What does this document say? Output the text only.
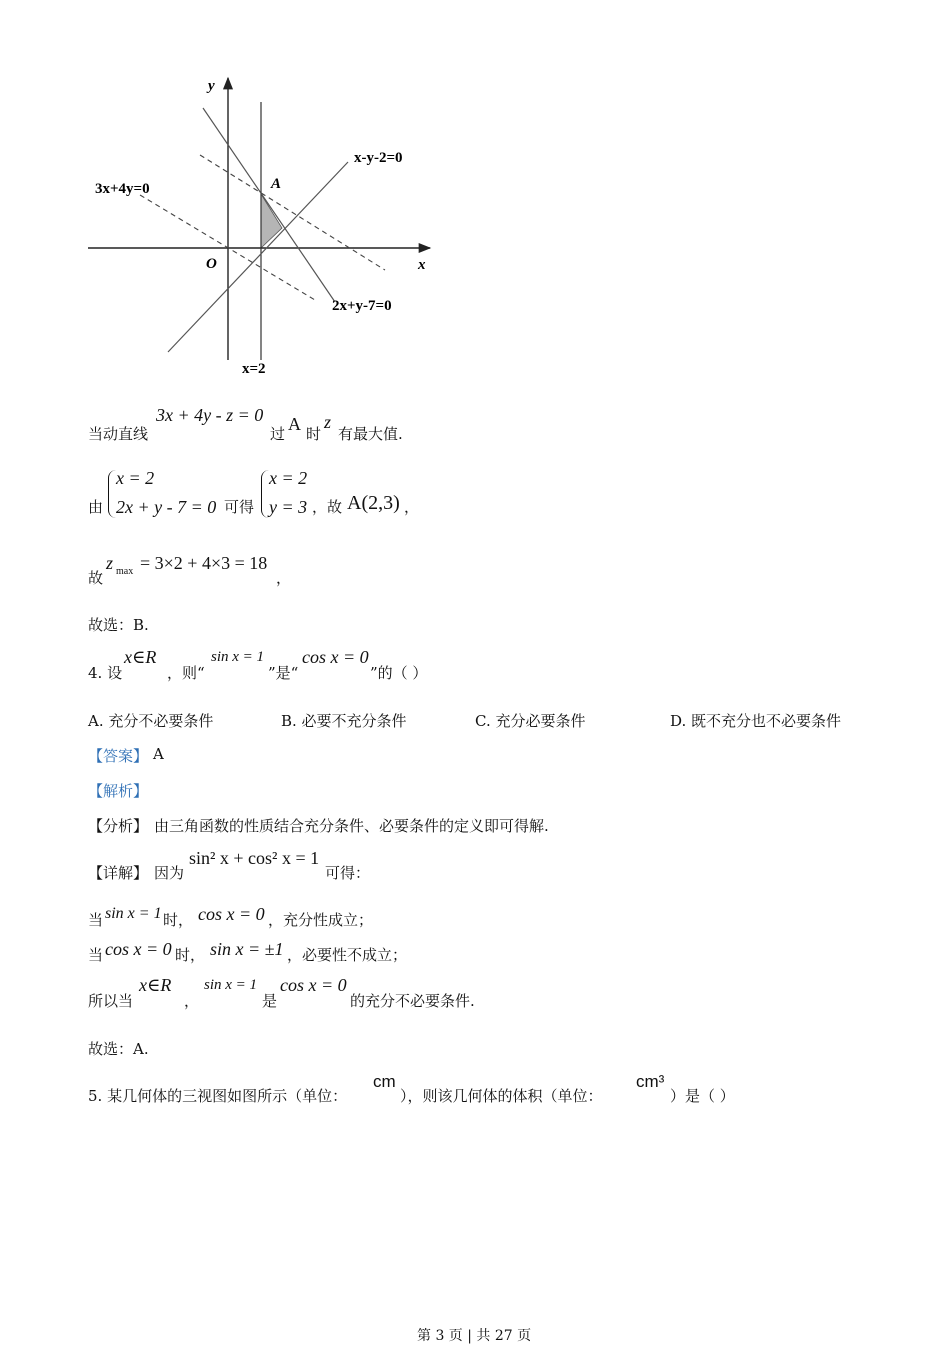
y
x
O
A
x-y-2=0
3x+4y=0
2x+y-7=0
x=2
当动直线
3x + 4y - z = 0
过 A 时
z
有最大值.
由
x = 2
2x + y - 7 = 0 可得
x = 2
y = 3 ，故 A(2,3) ，
故
z max = 3×2 + 4×3 = 18
，
故选：B.
4. 设
x∈R
，则“
sin x = 1
”是“
cos x = 0
”的（ ）
A. 充分不必要条件	B. 必要不充分条件	C. 充分必要条件	D. 既不充分也不必要条件
【答案】 A
【解析】
【分析】 由三角函数的性质结合充分条件、必要条件的定义即可得解.
【详解】 因为
sin² x + cos² x = 1
可得：
当 sin x = 1 时， cos x = 0 ，充分性成立；
当 cos x = 0 时， sin x = ±1 ，必要性不成立；
所以当
x∈R
，
sin x = 1
是
cos x = 0
的充分不必要条件.
故选：A.
5. 某几何体的三视图如图所示（单位：
cm
），则该几何体的体积（单位：
cm³
）是（ ）
第 3 页 | 共 27 页
